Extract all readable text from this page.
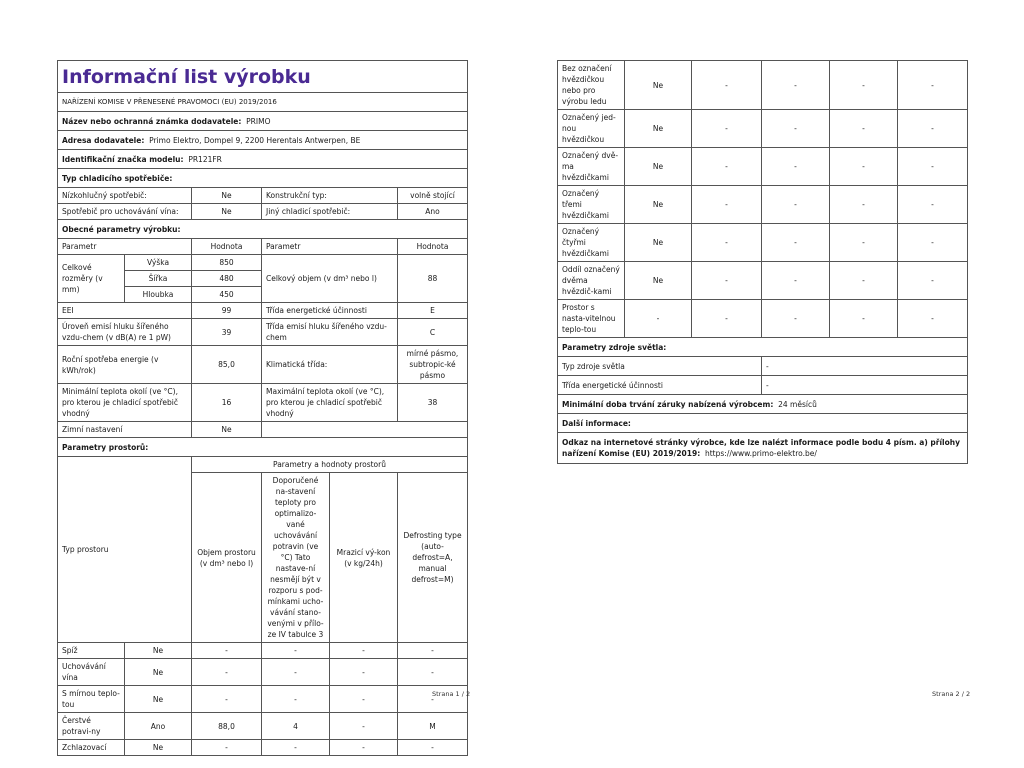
Informační list výrobku					

NAŘÍZENÍ KOMISE V PŘENESENÉ PRAVOMOCI (EU) 2019/2016					
Název nebo ochranná známka dodavatele: PRIMO					
Adresa dodavatele: Primo Elektro, Dompel 9, 2200 Herentals Antwerpen, BE					
Identifikační značka modelu: PR121FR					
Typ chladicího spotřebiče:					
Nízkohlučný spotřebič:		Ne	Konstrukční typ:		volně stojící
Spotřebič pro uchovávání vína:		Ne	Jiný chladicí spotřebič:		Ano
Obecné parametry výrobku:					
Parametr		Hodnota	Parametr		Hodnota
Celkové rozměry (v mm)	Výška	850	Celkový objem (v dm³ nebo l)		88
	Šířka	480			
	Hloubka	450			
EEI		99	Třída energetické účinnosti		E
Úroveň emisí hluku šířeného vzdu-chem (v dB(A) re 1 pW)		39	Třída emisí hluku šířeného vzdu-chem		C
Roční spotřeba energie (v kWh/rok)		85,0	Klimatická třída:		mírné pásmo, subtropic-ké pásmo
Minimální teplota okolí (ve °C), pro kterou je chladicí spotřebič vhodný		16	Maximální teplota okolí (ve °C), pro kterou je chladicí spotřebič vhodný		38
Zimní nastavení		Ne			
Parametry prostorů:					
Typ prostoru		Parametry a hodnoty prostorů			
		Objem prostoru (v dm³ nebo l)	Doporučené na-stavení teploty pro optimalizo-vané uchovávání potravin (ve °C) Tato nastave-ní nesmějí být v rozporu s pod-mínkami ucho-vávání stano-venými v přílo-ze IV tabulce 3	Mrazicí vý-kon (v kg/24h)	Defrosting type (auto-defrost=A, manual defrost=M)
Spíž	Ne	-	-	-	-
Uchovávání vína	Ne	-	-	-	-
S mírnou teplo-tou	Ne	-	-	-	-
Čerstvé potravi-ny	Ano	88,0	4	-	M
Zchlazovací	Ne	-	-	-	-
Strana 1 / 2
Bez označení hvězdičkou nebo pro výrobu ledu	Ne	-	-	-	-
Označený jed-nou hvězdičkou	Ne	-	-	-	-
Označený dvě-ma hvězdičkami	Ne	-	-	-	-
Označený třemi hvězdičkami	Ne	-	-	-	-
Označený čtyřmi hvězdičkami	Ne	-	-	-	-
Oddíl označený dvěma hvězdič-kami	Ne	-	-	-	-
Prostor s nasta-vitelnou teplo-tou	-	-	-	-	-
Parametry zdroje světla:					
Typ zdroje světla			-		
Třída energetické účinnosti			-		
Minimální doba trvání záruky nabízená výrobcem: 24 měsíců					
Další informace:					
Odkaz na internetové stránky výrobce, kde lze nalézt informace podle bodu 4 písm. a) přílohy nařízení Komise (EU) 2019/2019: https://www.primo-elektro.be/					
Strana 2 / 2
